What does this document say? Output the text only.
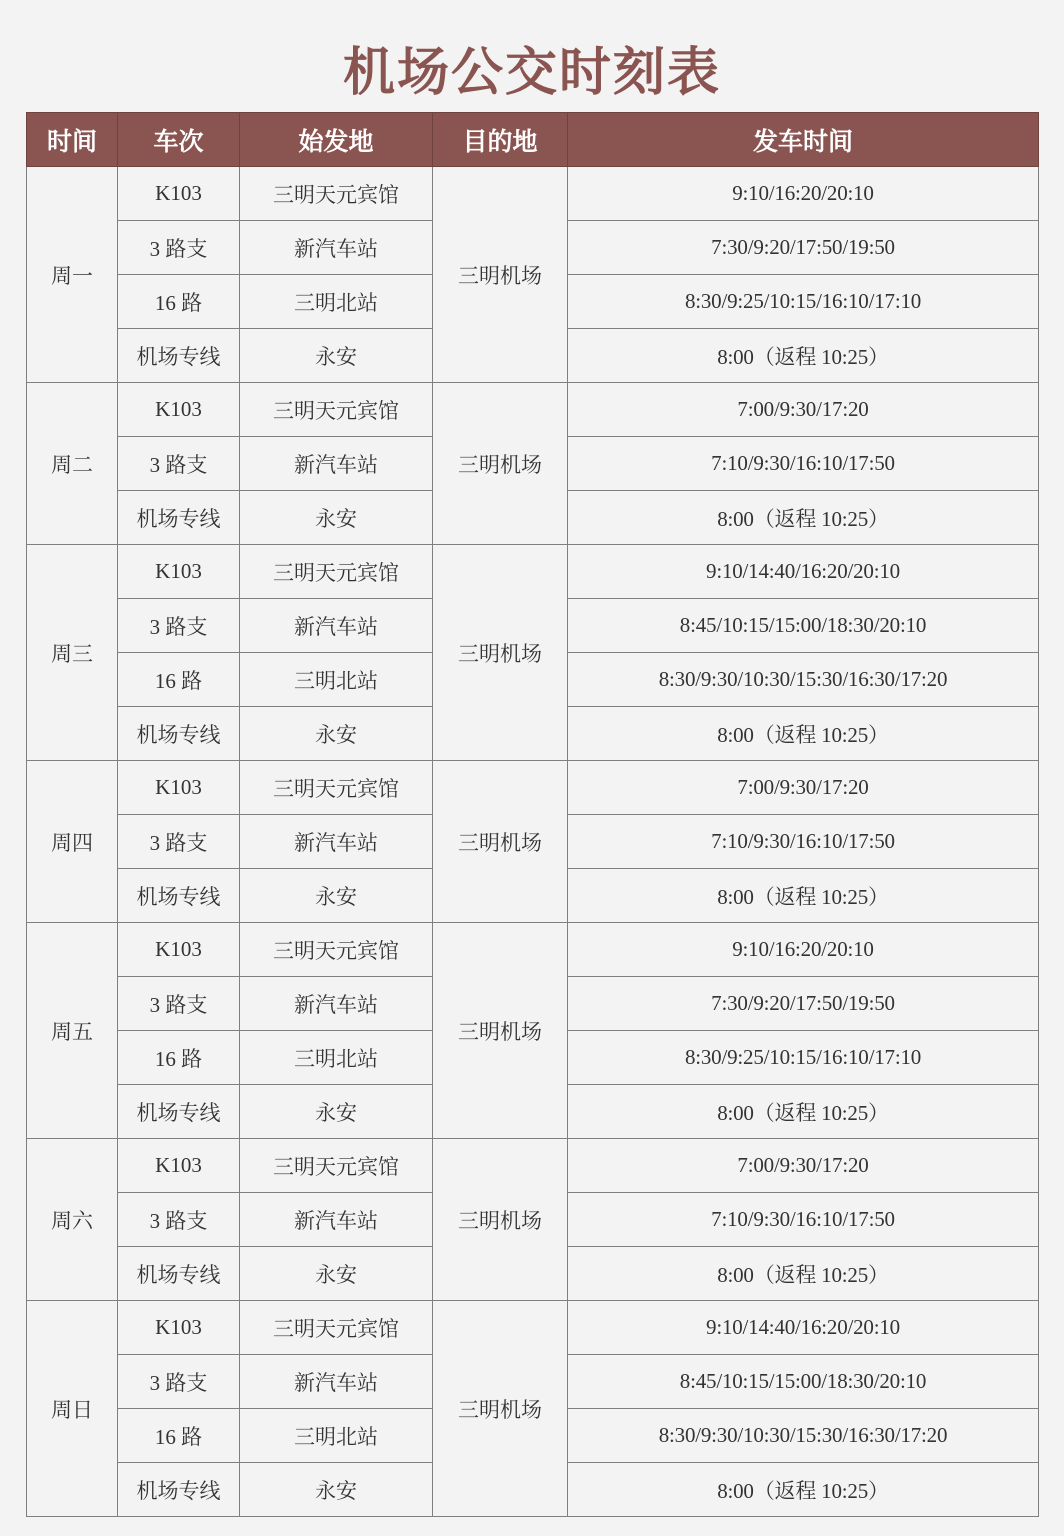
机场公交时刻表
时间	车次	始发地	目的地	发车时间
周一	K103	三明天元宾馆	三明机场	9:10/16:20/20:10
	3 路支	新汽车站		7:30/9:20/17:50/19:50
	16 路	三明北站		8:30/9:25/10:15/16:10/17:10
	机场专线	永安		8:00（返程 10:25）
周二	K103	三明天元宾馆	三明机场	7:00/9:30/17:20
	3 路支	新汽车站		7:10/9:30/16:10/17:50
	机场专线	永安		8:00（返程 10:25）
周三	K103	三明天元宾馆	三明机场	9:10/14:40/16:20/20:10
	3 路支	新汽车站		8:45/10:15/15:00/18:30/20:10
	16 路	三明北站		8:30/9:30/10:30/15:30/16:30/17:20
	机场专线	永安		8:00（返程 10:25）
周四	K103	三明天元宾馆	三明机场	7:00/9:30/17:20
	3 路支	新汽车站		7:10/9:30/16:10/17:50
	机场专线	永安		8:00（返程 10:25）
周五	K103	三明天元宾馆	三明机场	9:10/16:20/20:10
	3 路支	新汽车站		7:30/9:20/17:50/19:50
	16 路	三明北站		8:30/9:25/10:15/16:10/17:10
	机场专线	永安		8:00（返程 10:25）
周六	K103	三明天元宾馆	三明机场	7:00/9:30/17:20
	3 路支	新汽车站		7:10/9:30/16:10/17:50
	机场专线	永安		8:00（返程 10:25）
周日	K103	三明天元宾馆	三明机场	9:10/14:40/16:20/20:10
	3 路支	新汽车站		8:45/10:15/15:00/18:30/20:10
	16 路	三明北站		8:30/9:30/10:30/15:30/16:30/17:20
	机场专线	永安		8:00（返程 10:25）
